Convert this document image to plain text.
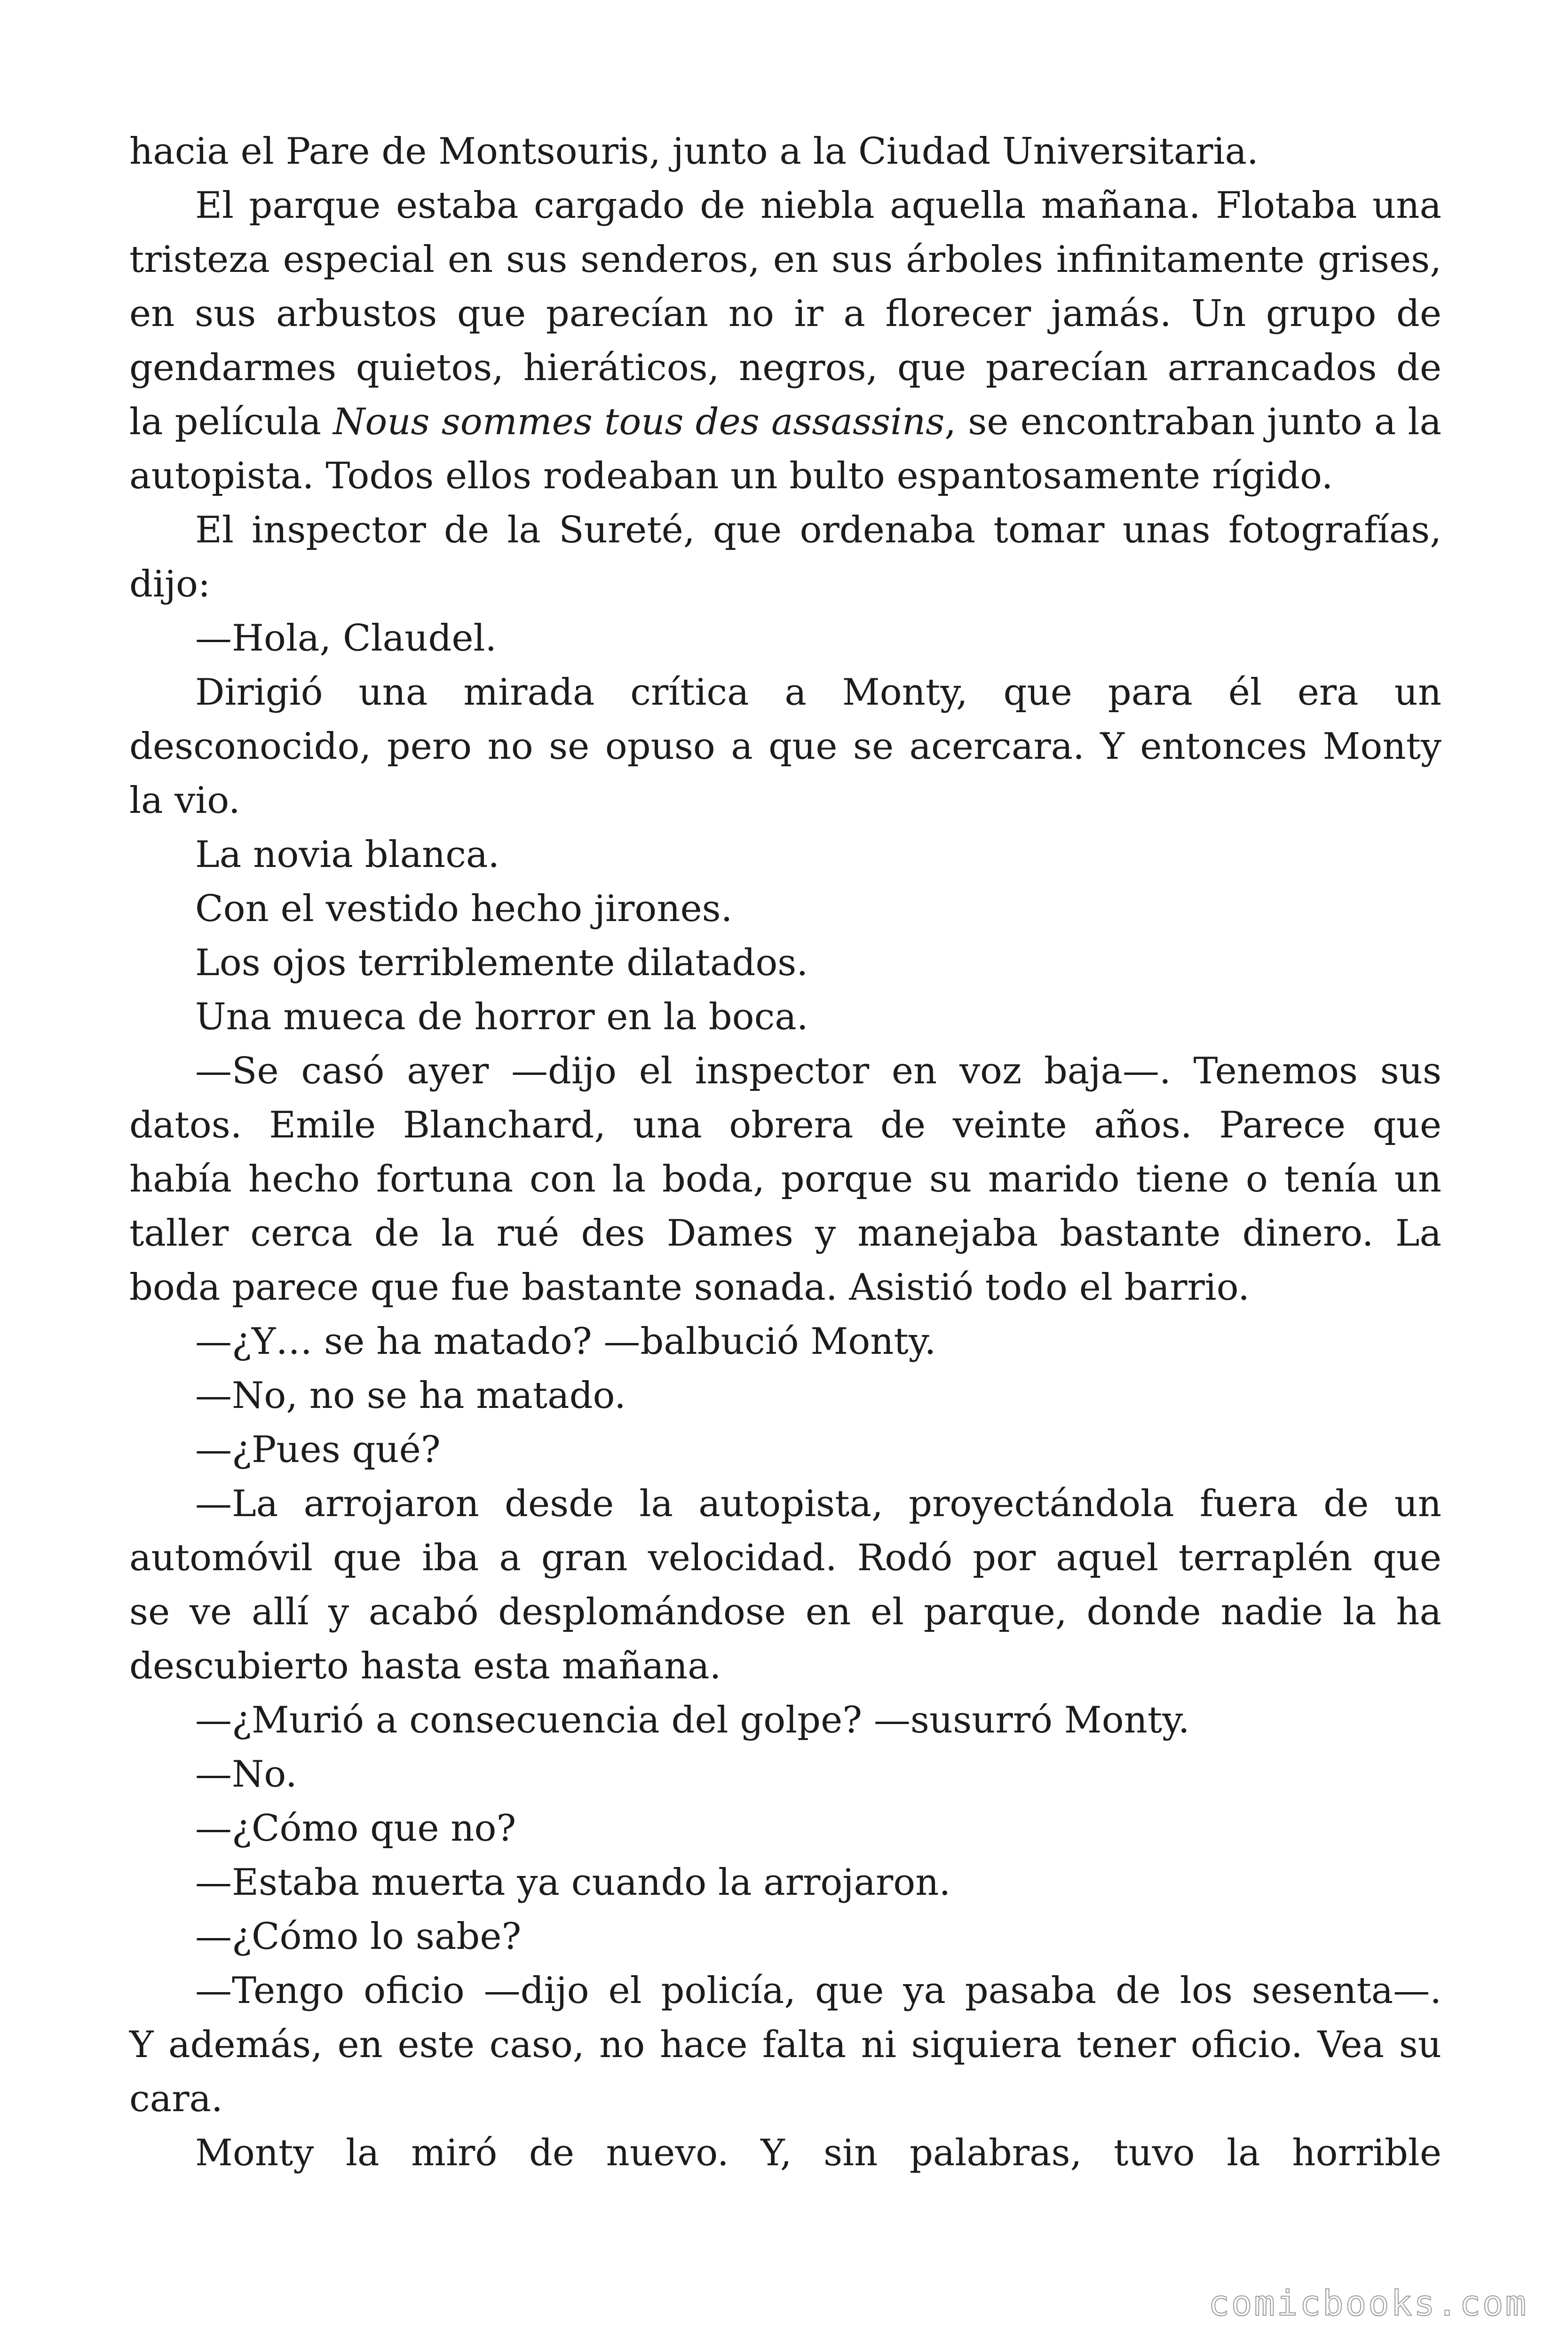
hacia el Pare de Montsouris, junto a la Ciudad Universitaria.
El parque estaba cargado de niebla aquella mañana. Flotaba una
tristeza especial en sus senderos, en sus árboles infinitamente grises,
en sus arbustos que parecían no ir a florecer jamás. Un grupo de
gendarmes quietos, hieráticos, negros, que parecían arrancados de
la película Nous sommes tous des assassins, se encontraban junto a la
autopista. Todos ellos rodeaban un bulto espantosamente rígido.
El inspector de la Sureté, que ordenaba tomar unas fotografías,
dijo:
—Hola, Claudel.
Dirigió una mirada crítica a Monty, que para él era un
desconocido, pero no se opuso a que se acercara. Y entonces Monty
la vio.
La novia blanca.
Con el vestido hecho jirones.
Los ojos terriblemente dilatados.
Una mueca de horror en la boca.
—Se casó ayer —dijo el inspector en voz baja—. Tenemos sus
datos. Emile Blanchard, una obrera de veinte años. Parece que
había hecho fortuna con la boda, porque su marido tiene o tenía un
taller cerca de la rué des Dames y manejaba bastante dinero. La
boda parece que fue bastante sonada. Asistió todo el barrio.
—¿Y… se ha matado? —balbució Monty.
—No, no se ha matado.
—¿Pues qué?
—La arrojaron desde la autopista, proyectándola fuera de un
automóvil que iba a gran velocidad. Rodó por aquel terraplén que
se ve allí y acabó desplomándose en el parque, donde nadie la ha
descubierto hasta esta mañana.
—¿Murió a consecuencia del golpe? —susurró Monty.
—No.
—¿Cómo que no?
—Estaba muerta ya cuando la arrojaron.
—¿Cómo lo sabe?
—Tengo oficio —dijo el policía, que ya pasaba de los sesenta—.
Y además, en este caso, no hace falta ni siquiera tener oficio. Vea su
cara.
Monty la miró de nuevo. Y, sin palabras, tuvo la horrible
comicbooks.com
